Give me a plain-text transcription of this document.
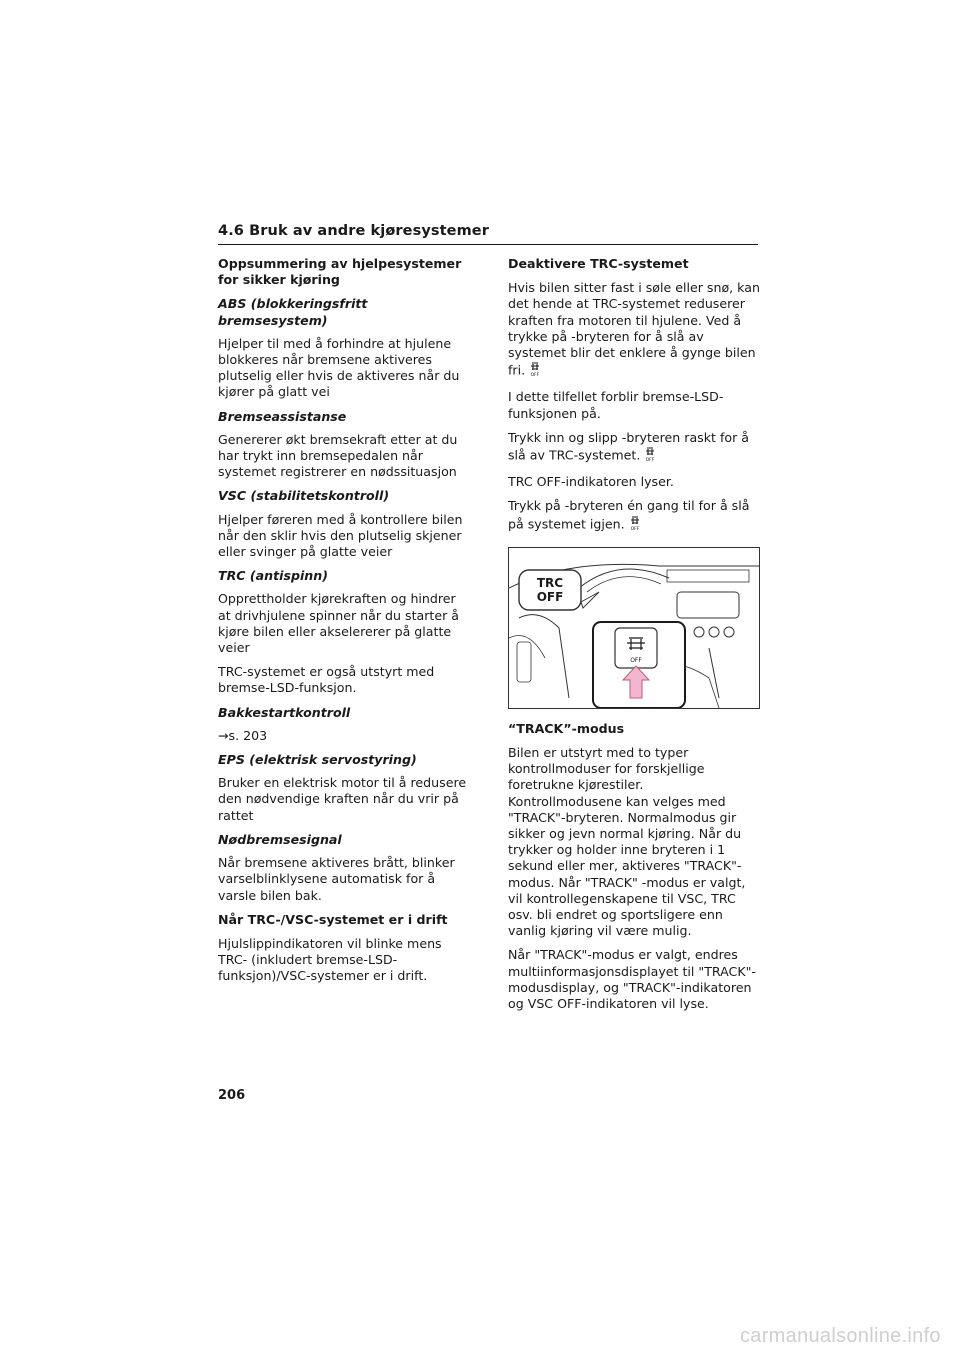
4.6 Bruk av andre kjøresystemer
Oppsummering av hjelpesystemer for sikker kjøring
ABS (blokkeringsfritt bremsesystem)

Hjelper til med å forhindre at hjulene blokkeres når bremsene aktiveres plutselig eller hvis de aktiveres når du kjører på glatt vei

Bremseassistanse

Genererer økt bremsekraft etter at du har trykt inn bremsepedalen når systemet registrerer en nødssituasjon

VSC (stabilitetskontroll)

Hjelper føreren med å kontrollere bilen når den sklir hvis den plutselig skjener eller svinger på glatte veier

TRC (antispinn)

Opprettholder kjørekraften og hindrer at drivhjulene spinner når du starter å kjøre bilen eller akselererer på glatte veier

TRC-systemet er også utstyrt med bremse-LSD-funksjon.

Bakkestartkontroll

→s. 203

EPS (elektrisk servostyring)

Bruker en elektrisk motor til å redusere den nødvendige kraften når du vrir på rattet

Nødbremsesignal

Når bremsene aktiveres brått, blinker varselblinklysene automatisk for å varsle bilen bak.

Når TRC-/VSC-systemet er i drift

Hjulslippindikatoren vil blinke mens TRC- (inkludert bremse-LSD-funksjon)/VSC-systemer er i drift.

Deaktivere TRC-systemet

Hvis bilen sitter fast i søle eller snø, kan det hende at TRC-systemet reduserer kraften fra motoren til hjulene. Ved å trykke på -bryteren for å slå av systemet blir det enklere å gynge bilen fri. OFF

I dette tilfellet forblir bremse-LSD-funksjonen på.

Trykk inn og slipp -bryteren raskt for å slå av TRC-systemet. OFF

TRC OFF-indikatoren lyser.

Trykk på -bryteren én gang til for å slå på systemet igjen. OFF

TRC
OFF
OFF
“TRACK”-modus

Bilen er utstyrt med to typer kontrollmoduser for forskjellige foretrukne kjørestiler. Kontrollmodusene kan velges med "TRACK"-bryteren. Normalmodus gir sikker og jevn normal kjøring. Når du trykker og holder inne bryteren i 1 sekund eller mer, aktiveres "TRACK"-modus. Når "TRACK" -modus er valgt, vil kontrollegenskapene til VSC, TRC osv. bli endret og sportsligere enn vanlig kjøring vil være mulig.

Når "TRACK"-modus er valgt, endres multiinformasjonsdisplayet til "TRACK"-modusdisplay, og "TRACK"-indikatoren og VSC OFF-indikatoren vil lyse.

206
carmanualsonline.info
